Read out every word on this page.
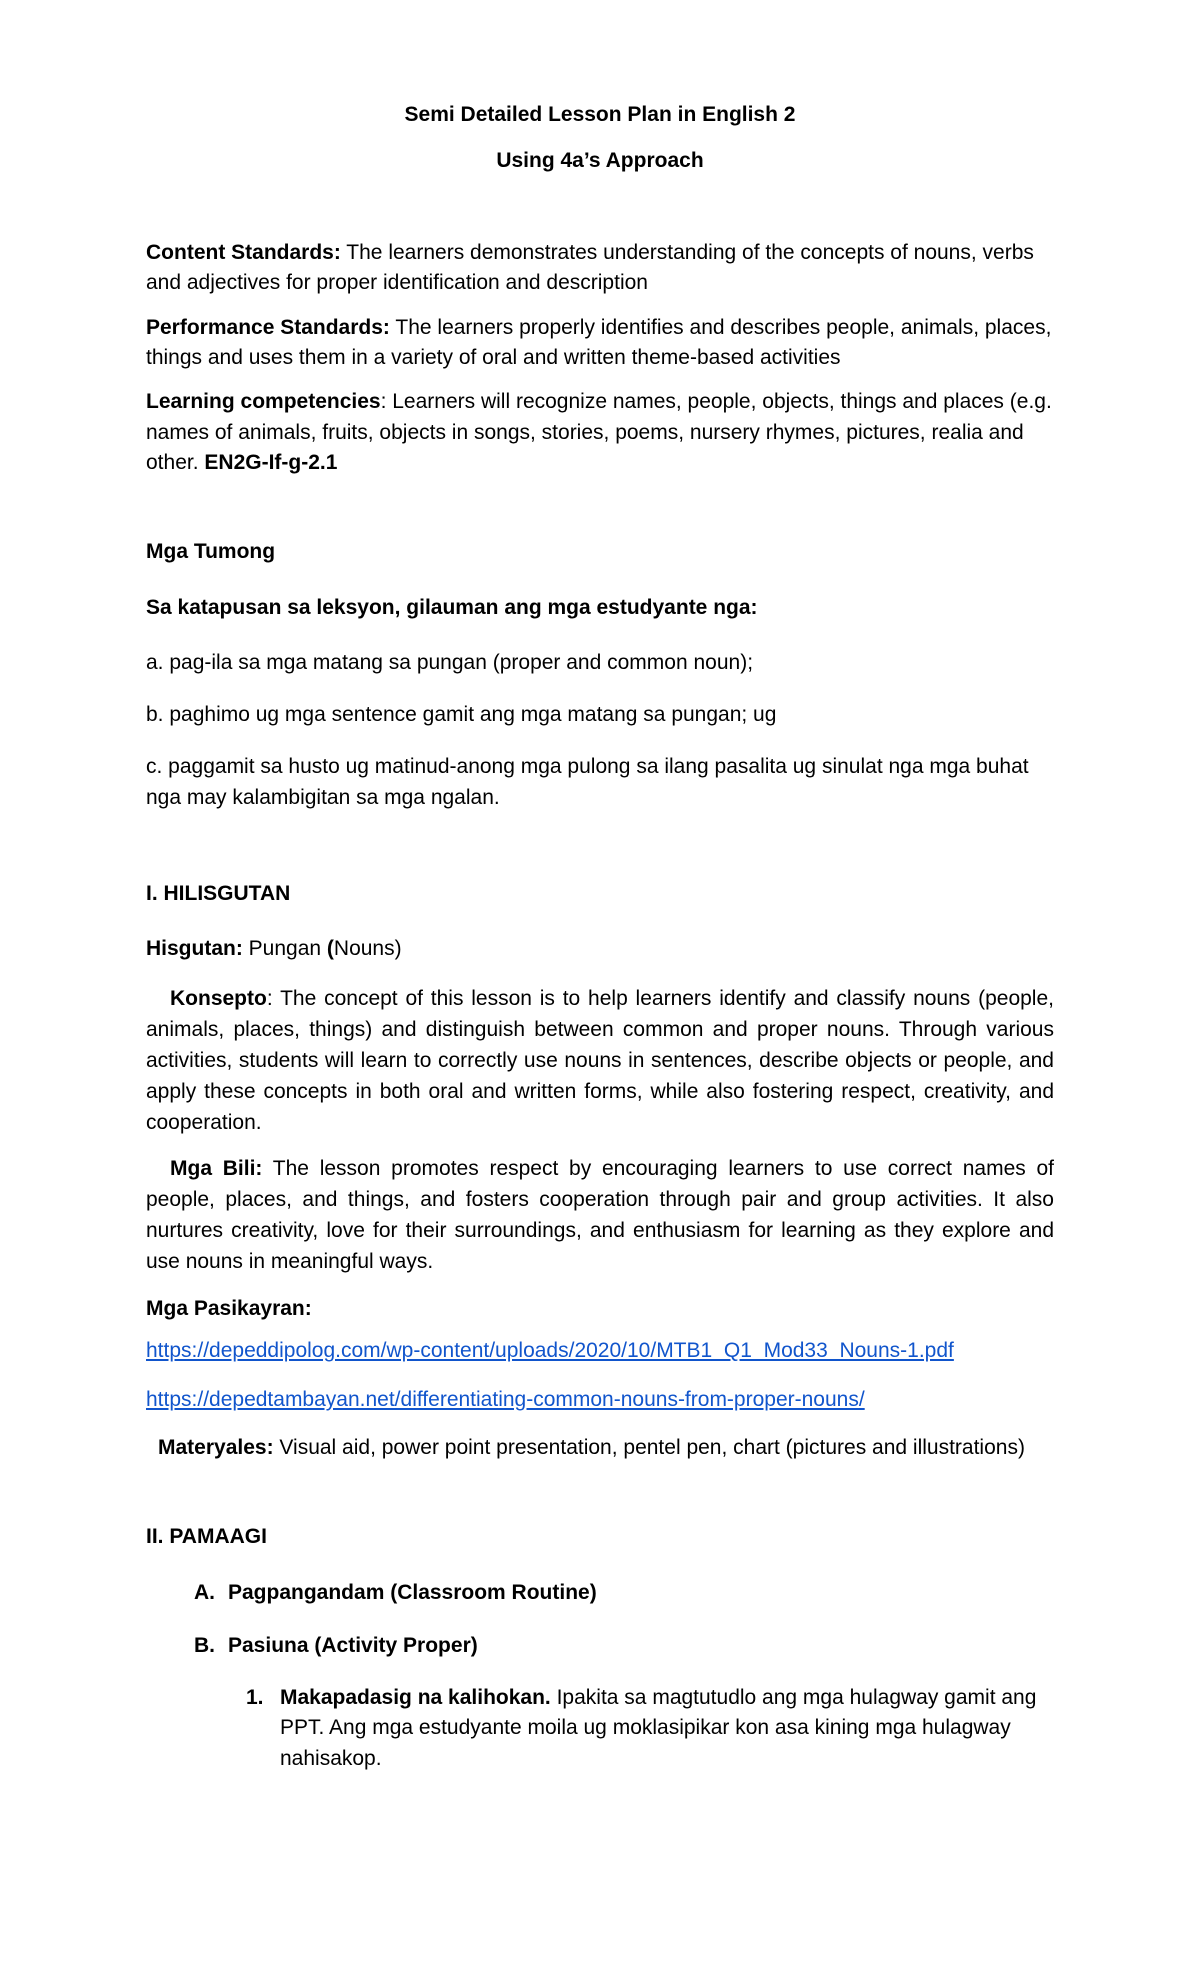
Semi Detailed Lesson Plan in English 2
Using 4a’s Approach

Content Standards: The learners demonstrates understanding of the concepts of nouns, verbs and adjectives for proper identification and description

Performance Standards: The learners properly identifies and describes people, animals, places, things and uses them in a variety of oral and written theme-based activities

Learning competencies: Learners will recognize names, people, objects, things and places (e.g. names of animals, fruits, objects in songs, stories, poems, nursery rhymes, pictures, realia and other. EN2G-If-g-2.1

Mga Tumong

Sa katapusan sa leksyon, gilauman ang mga estudyante nga:

a. pag-ila sa mga matang sa pungan (proper and common noun);

b. paghimo ug mga sentence gamit ang mga matang sa pungan; ug

c. paggamit sa husto ug matinud-anong mga pulong sa ilang pasalita ug sinulat nga mga buhat nga may kalambigitan sa mga ngalan.

I. HILISGUTAN

Hisgutan: Pungan (Nouns)

Konsepto: The concept of this lesson is to help learners identify and classify nouns (people, animals, places, things) and distinguish between common and proper nouns. Through various activities, students will learn to correctly use nouns in sentences, describe objects or people, and apply these concepts in both oral and written forms, while also fostering respect, creativity, and cooperation.

Mga Bili: The lesson promotes respect by encouraging learners to use correct names of people, places, and things, and fosters cooperation through pair and group activities. It also nurtures creativity, love for their surroundings, and enthusiasm for learning as they explore and use nouns in meaningful ways.

Mga Pasikayran:

https://depeddipolog.com/wp-content/uploads/2020/10/MTB1_Q1_Mod33_Nouns-1.pdf
https://depedtambayan.net/differentiating-common-nouns-from-proper-nouns/

Materyales: Visual aid, power point presentation, pentel pen, chart (pictures and illustrations)

II. PAMAAGI

A. Pagpangandam (Classroom Routine)
B. Pasiuna (Activity Proper)
1. Makapadasig na kalihokan. Ipakita sa magtutudlo ang mga hulagway gamit ang PPT. Ang mga estudyante moila ug moklasipikar kon asa kining mga hulagway nahisakop.
